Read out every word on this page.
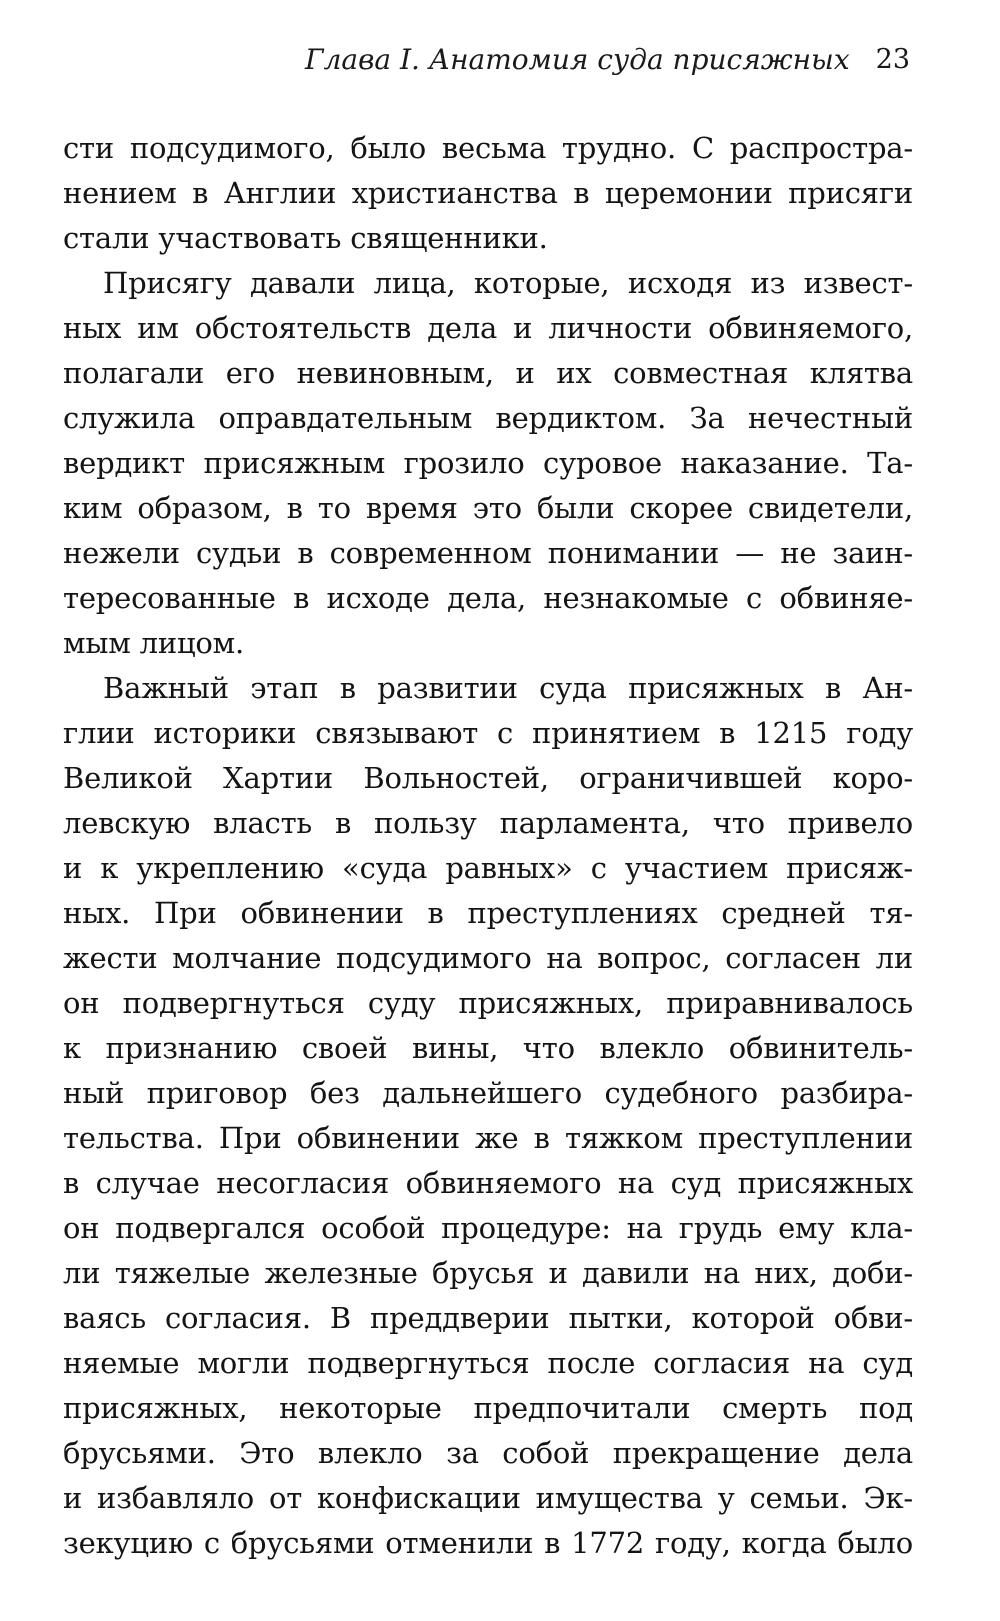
Глава I. Анатомия суда присяжных 23
сти подсудимого, было весьма трудно. С распростра-
нением в Англии христианства в церемонии присяги
стали участвовать священники.
Присягу давали лица, которые, исходя из извест-
ных им обстоятельств дела и личности обвиняемого,
полагали его невиновным, и их совместная клятва
служила оправдательным вердиктом. За нечестный
вердикт присяжным грозило суровое наказание. Та-
ким образом, в то время это были скорее свидетели,
нежели судьи в современном понимании — не заин-
тересованные в исходе дела, незнакомые с обвиняе-
мым лицом.
Важный этап в развитии суда присяжных в Ан-
глии историки связывают с принятием в 1215 году
Великой Хартии Вольностей, ограничившей коро-
левскую власть в пользу парламента, что привело
и к укреплению «суда равных» с участием присяж-
ных. При обвинении в преступлениях средней тя-
жести молчание подсудимого на вопрос, согласен ли
он подвергнуться суду присяжных, приравнивалось
к признанию своей вины, что влекло обвинитель-
ный приговор без дальнейшего судебного разбира-
тельства. При обвинении же в тяжком преступлении
в случае несогласия обвиняемого на суд присяжных
он подвергался особой процедуре: на грудь ему кла-
ли тяжелые железные брусья и давили на них, доби-
ваясь согласия. В преддверии пытки, которой обви-
няемые могли подвергнуться после согласия на суд
присяжных, некоторые предпочитали смерть под
брусьями. Это влекло за собой прекращение дела
и избавляло от конфискации имущества у семьи. Эк-
зекуцию с брусьями отменили в 1772 году, когда было
